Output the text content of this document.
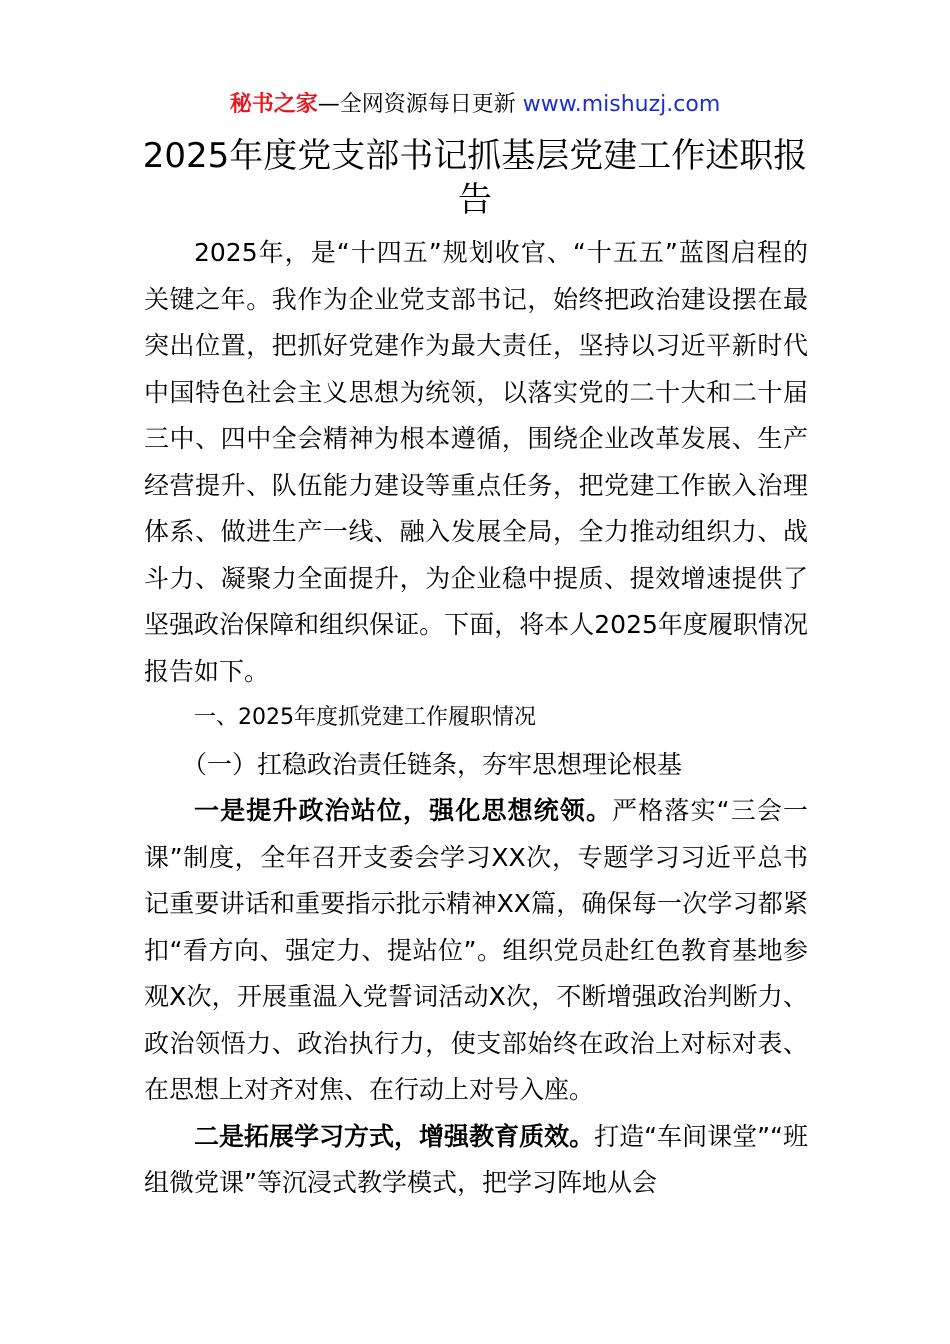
秘书之家—全网资源每日更新 www.mishuzj.com
2025年度党支部书记抓基层党建工作述职报告

2025年，是“十四五”规划收官、“十五五”蓝图启程的关键之年。我作为企业党支部书记，始终把政治建设摆在最突出位置，把抓好党建作为最大责任，坚持以习近平新时代中国特色社会主义思想为统领，以落实党的二十大和二十届三中、四中全会精神为根本遵循，围绕企业改革发展、生产经营提升、队伍能力建设等重点任务，把党建工作嵌入治理体系、做进生产一线、融入发展全局，全力推动组织力、战斗力、凝聚力全面提升，为企业稳中提质、提效增速提供了坚强政治保障和组织保证。下面，将本人2025年度履职情况报告如下。

一、2025年度抓党建工作履职情况

（一）扛稳政治责任链条，夯牢思想理论根基

一是提升政治站位，强化思想统领。严格落实“三会一课”制度，全年召开支委会学习XX次，专题学习习近平总书记重要讲话和重要指示批示精神XX篇，确保每一次学习都紧扣“看方向、强定力、提站位”。组织党员赴红色教育基地参观X次，开展重温入党誓词活动X次，不断增强政治判断力、政治领悟力、政治执行力，使支部始终在政治上对标对表、在思想上对齐对焦、在行动上对号入座。

二是拓展学习方式，增强教育质效。打造“车间课堂”“班组微党课”等沉浸式教学模式，把学习阵地从会
